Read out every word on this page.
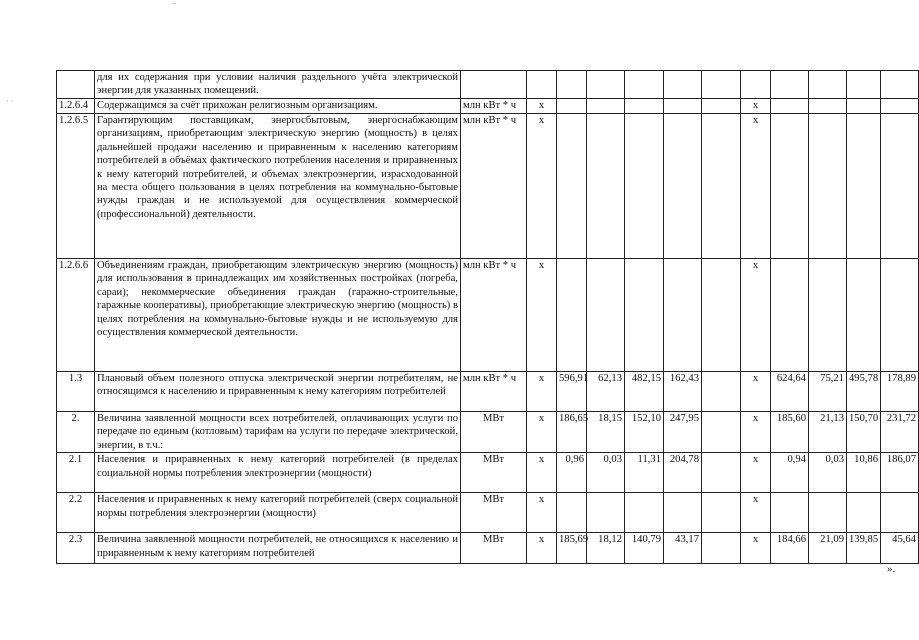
	для их содержания при условии наличия раздельного учёта электрической энергии для указанных помещений.												
1.2.6.4	Содержащимся за счёт прихожан религиозным организациям.	млн кВт * ч	х						х				
1.2.6.5	Гарантирующим поставщикам, энергосбытовым, энергоснабжающим организациям, приобретающим электрическую энергию (мощность) в целях дальнейшей продажи населению и приравненным к населению категориям потребителей в объёмах фактического потребления населения и приравненных к нему категорий потребителей, и объемах электроэнергии, израсходованной на места общего пользования в целях потребления на коммунально-бытовые нужды граждан и не используемой для осуществления коммерческой (профессиональной) деятельности.	млн кВт * ч	х						х				
1.2.6.6	Объединениям граждан, приобретающим электрическую энергию (мощность) для использования в принадлежащих им хозяйственных постройках (погреба, сараи); некоммерческие объединения граждан (гаражно-строительные, гаражные кооперативы), приобретающие электрическую энергию (мощность) в целях потребления на коммунально-бытовые нужды и не используемую для осуществления коммерческой деятельности.	млн кВт * ч	х						х				
1.3	Плановый объем полезного отпуска электрической энергии потребителям, не относящимся к населению и приравненным к нему категориям потребителей	млн кВт * ч	х	596,91	62,13	482,15	162,43		х	624,64	75,21	495,78	178,89
2.	Величина заявленной мощности всех потребителей, оплачивающих услуги по передаче по единым (котловым) тарифам на услуги по передаче электрической, энергии, в т.ч.:	МВт	х	186,65	18,15	152,10	247,95		х	185,60	21,13	150,70	231,72
2.1	Населения и приравненных к нему категорий потребителей (в пределах социальной нормы потребления электроэнергии (мощности)	МВт	х	0,96	0,03	11,31	204,78		х	0,94	0,03	10,86	186,07
2.2	Населения и приравненных к нему категорий потребителей (сверх социальной нормы потребления электроэнергии (мощности)	МВт	х						х				
2.3	Величина заявленной мощности потребителей, не относящихся к населению и приравненным к нему категориям потребителей	МВт	х	185,69	18,12	140,79	43,17		х	184,66	21,09	139,85	45,64
· ·
‒
».
